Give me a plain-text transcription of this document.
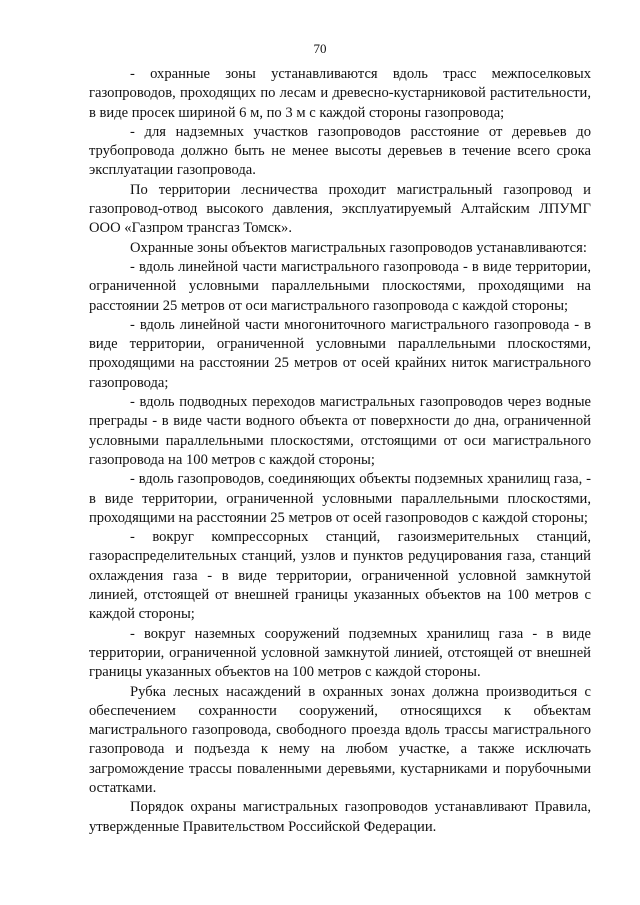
70

- охранные зоны устанавливаются вдоль трасс межпоселковых газопроводов, проходящих по лесам и древесно-кустарниковой растительности, в виде просек шириной 6 м, по 3 м с каждой стороны газопровода;

- для надземных участков газопроводов расстояние от деревьев до трубопровода должно быть не менее высоты деревьев в течение всего срока эксплуатации газопровода.

По территории лесничества проходит магистральный газопровод и газопровод-отвод высокого давления, эксплуатируемый Алтайским ЛПУМГ ООО «Газпром трансгаз Томск».

Охранные зоны объектов магистральных газопроводов устанавливаются:

- вдоль линейной части магистрального газопровода - в виде территории, ограниченной условными параллельными плоскостями, проходящими на расстоянии 25 метров от оси магистрального газопровода с каждой стороны;

- вдоль линейной части многониточного магистрального газопровода - в виде территории, ограниченной условными параллельными плоскостями, проходящими на расстоянии 25 метров от осей крайних ниток магистрального газопровода;

- вдоль подводных переходов магистральных газопроводов через водные преграды - в виде части водного объекта от поверхности до дна, ограниченной условными параллельными плоскостями, отстоящими от оси магистрального газопровода на 100 метров с каждой стороны;

- вдоль газопроводов, соединяющих объекты подземных хранилищ газа, - в виде территории, ограниченной условными параллельными плоскостями, проходящими на расстоянии 25 метров от осей газопроводов с каждой стороны;

- вокруг компрессорных станций, газоизмерительных станций, газораспределительных станций, узлов и пунктов редуцирования газа, станций охлаждения газа - в виде территории, ограниченной условной замкнутой линией, отстоящей от внешней границы указанных объектов на 100 метров с каждой стороны;

- вокруг наземных сооружений подземных хранилищ газа - в виде территории, ограниченной условной замкнутой линией, отстоящей от внешней границы указанных объектов на 100 метров с каждой стороны.

Рубка лесных насаждений в охранных зонах должна производиться с обеспечением сохранности сооружений, относящихся к объектам магистрального газопровода, свободного проезда вдоль трассы магистрального газопровода и подъезда к нему на любом участке, а также исключать загромождение трассы поваленными деревьями, кустарниками и порубочными остатками.

Порядок охраны магистральных газопроводов устанавливают Правила, утвержденные Правительством Российской Федерации.
